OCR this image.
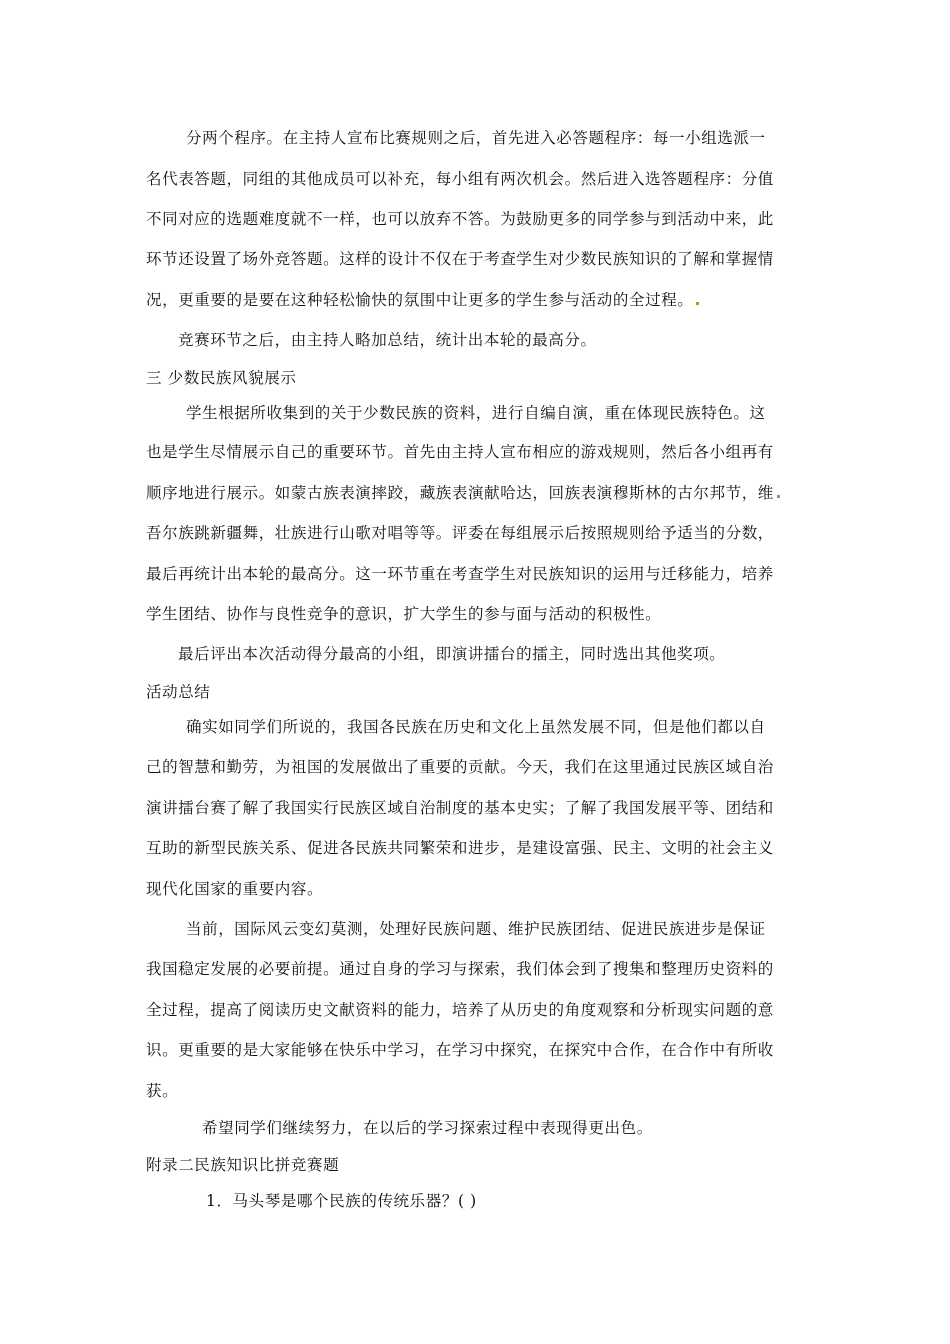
分两个程序。在主持人宣布比赛规则之后，首先进入必答题程序：每一小组选派一
名代表答题，同组的其他成员可以补充，每小组有两次机会。然后进入选答题程序：分值
不同对应的选题难度就不一样，也可以放弃不答。为鼓励更多的同学参与到活动中来，此
环节还设置了场外竞答题。这样的设计不仅在于考查学生对少数民族知识的了解和掌握情
况，更重要的是要在这种轻松愉快的氛围中让更多的学生参与活动的全过程。
竞赛环节之后，由主持人略加总结，统计出本轮的最高分。
三 少数民族风貌展示
学生根据所收集到的关于少数民族的资料，进行自编自演，重在体现民族特色。这
也是学生尽情展示自己的重要环节。首先由主持人宣布相应的游戏规则，然后各小组再有
顺序地进行展示。如蒙古族表演摔跤，藏族表演献哈达，回族表演穆斯林的古尔邦节，维
吾尔族跳新疆舞，壮族进行山歌对唱等等。评委在每组展示后按照规则给予适当的分数，
最后再统计出本轮的最高分。这一环节重在考查学生对民族知识的运用与迁移能力，培养
学生团结、协作与良性竞争的意识，扩大学生的参与面与活动的积极性。
最后评出本次活动得分最高的小组，即演讲擂台的擂主，同时选出其他奖项。
活动总结
确实如同学们所说的，我国各民族在历史和文化上虽然发展不同，但是他们都以自
己的智慧和勤劳，为祖国的发展做出了重要的贡献。今天，我们在这里通过民族区域自治
演讲擂台赛了解了我国实行民族区域自治制度的基本史实；了解了我国发展平等、团结和
互助的新型民族关系、促进各民族共同繁荣和进步，是建设富强、民主、文明的社会主义
现代化国家的重要内容。
当前，国际风云变幻莫测，处理好民族问题、维护民族团结、促进民族进步是保证
我国稳定发展的必要前提。通过自身的学习与探索，我们体会到了搜集和整理历史资料的
全过程，提高了阅读历史文献资料的能力，培养了从历史的角度观察和分析现实问题的意
识。更重要的是大家能够在快乐中学习，在学习中探究，在探究中合作，在合作中有所收
获。
希望同学们继续努力，在以后的学习探索过程中表现得更出色。
附录二民族知识比拼竞赛题
1．马头琴是哪个民族的传统乐器？( )
